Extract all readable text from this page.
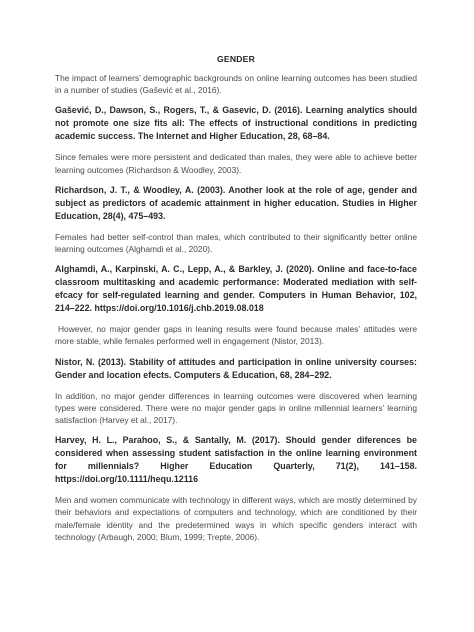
GENDER

The impact of learners’ demographic backgrounds on online learning outcomes has been studied in a number of studies (Gašević et al., 2016).

Gašević, D., Dawson, S., Rogers, T., & Gasevic, D. (2016). Learning analytics should not promote one size fits all: The effects of instructional conditions in predicting academic success. The Internet and Higher Education, 28, 68–84.

Since females were more persistent and dedicated than males, they were able to achieve better learning outcomes (Richardson & Woodley, 2003).

Richardson, J. T., & Woodley, A. (2003). Another look at the role of age, gender and subject as predictors of academic attainment in higher education. Studies in Higher Education, 28(4), 475–493.

Females had better self-control than males, which contributed to their significantly better online learning outcomes (Alghamdi et al., 2020).

Alghamdi, A., Karpinski, A. C., Lepp, A., & Barkley, J. (2020). Online and face-to-face classroom multitasking and academic performance: Moderated mediation with self-efcacy for self-regulated learning and gender. Computers in Human Behavior, 102, 214–222. https://doi.org/10.1016/j.chb.2019.08.018

However, no major gender gaps in leaning results were found because males’ attitudes were more stable, while females performed well in engagement (Nistor, 2013).

Nistor, N. (2013). Stability of attitudes and participation in online university courses: Gender and location efects. Computers & Education, 68, 284–292.

In addition, no major gender differences in learning outcomes were discovered when learning types were considered. There were no major gender gaps in online millennial learners’ learning satisfaction (Harvey et al., 2017).

Harvey, H. L., Parahoo, S., & Santally, M. (2017). Should gender diferences be considered when assessing student satisfaction in the online learning environment for millennials? Higher Education Quarterly, 71(2), 141–158. https://doi.org/10.1111/hequ.12116

Men and women communicate with technology in different ways, which are mostly determined by their behaviors and expectations of computers and technology, which are conditioned by their male/female identity and the predetermined ways in which specific genders interact with technology (Arbaugh, 2000; Blum, 1999; Trepte, 2006).
